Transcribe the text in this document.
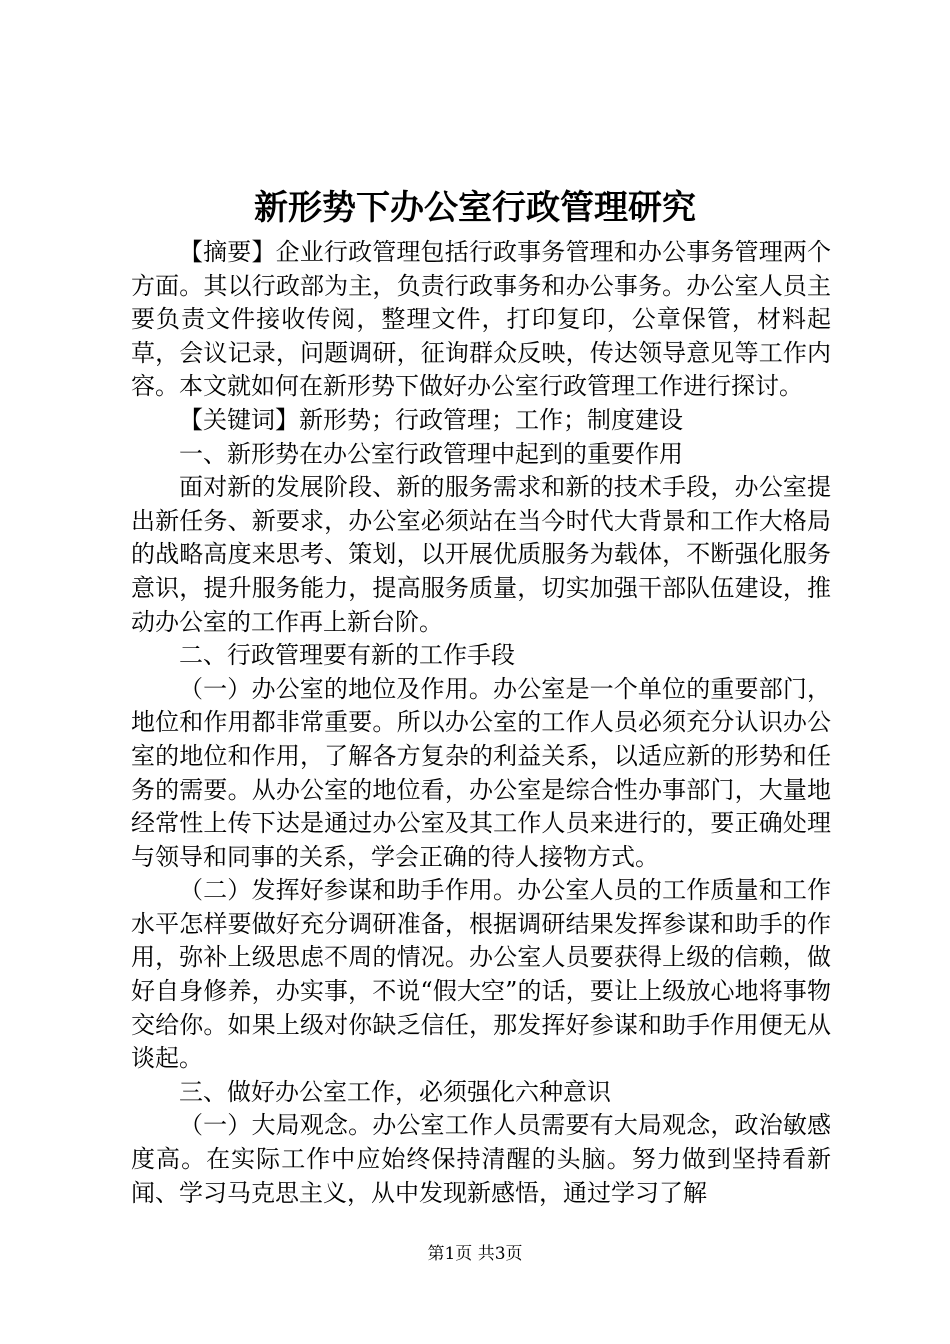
新形势下办公室行政管理研究

【摘要】企业行政管理包括行政事务管理和办公事务管理两个方面。其以行政部为主，负责行政事务和办公事务。办公室人员主要负责文件接收传阅，整理文件，打印复印，公章保管，材料起草，会议记录，问题调研，征询群众反映，传达领导意见等工作内容。本文就如何在新形势下做好办公室行政管理工作进行探讨。

【关键词】新形势；行政管理；工作；制度建设

一、新形势在办公室行政管理中起到的重要作用

面对新的发展阶段、新的服务需求和新的技术手段，办公室提出新任务、新要求，办公室必须站在当今时代大背景和工作大格局的战略高度来思考、策划，以开展优质服务为载体，不断强化服务意识，提升服务能力，提高服务质量，切实加强干部队伍建设，推动办公室的工作再上新台阶。

二、行政管理要有新的工作手段

（一）办公室的地位及作用。办公室是一个单位的重要部门，地位和作用都非常重要。所以办公室的工作人员必须充分认识办公室的地位和作用，了解各方复杂的利益关系，以适应新的形势和任务的需要。从办公室的地位看，办公室是综合性办事部门，大量地经常性上传下达是通过办公室及其工作人员来进行的，要正确处理与领导和同事的关系，学会正确的待人接物方式。

（二）发挥好参谋和助手作用。办公室人员的工作质量和工作水平怎样要做好充分调研准备，根据调研结果发挥参谋和助手的作用，弥补上级思虑不周的情况。办公室人员要获得上级的信赖，做好自身修养，办实事，不说“假大空”的话，要让上级放心地将事物交给你。如果上级对你缺乏信任，那发挥好参谋和助手作用便无从谈起。

三、做好办公室工作，必须强化六种意识

（一）大局观念。办公室工作人员需要有大局观念，政治敏感度高。在实际工作中应始终保持清醒的头脑。努力做到坚持看新闻、学习马克思主义，从中发现新感悟，通过学习了解

第1页 共3页
